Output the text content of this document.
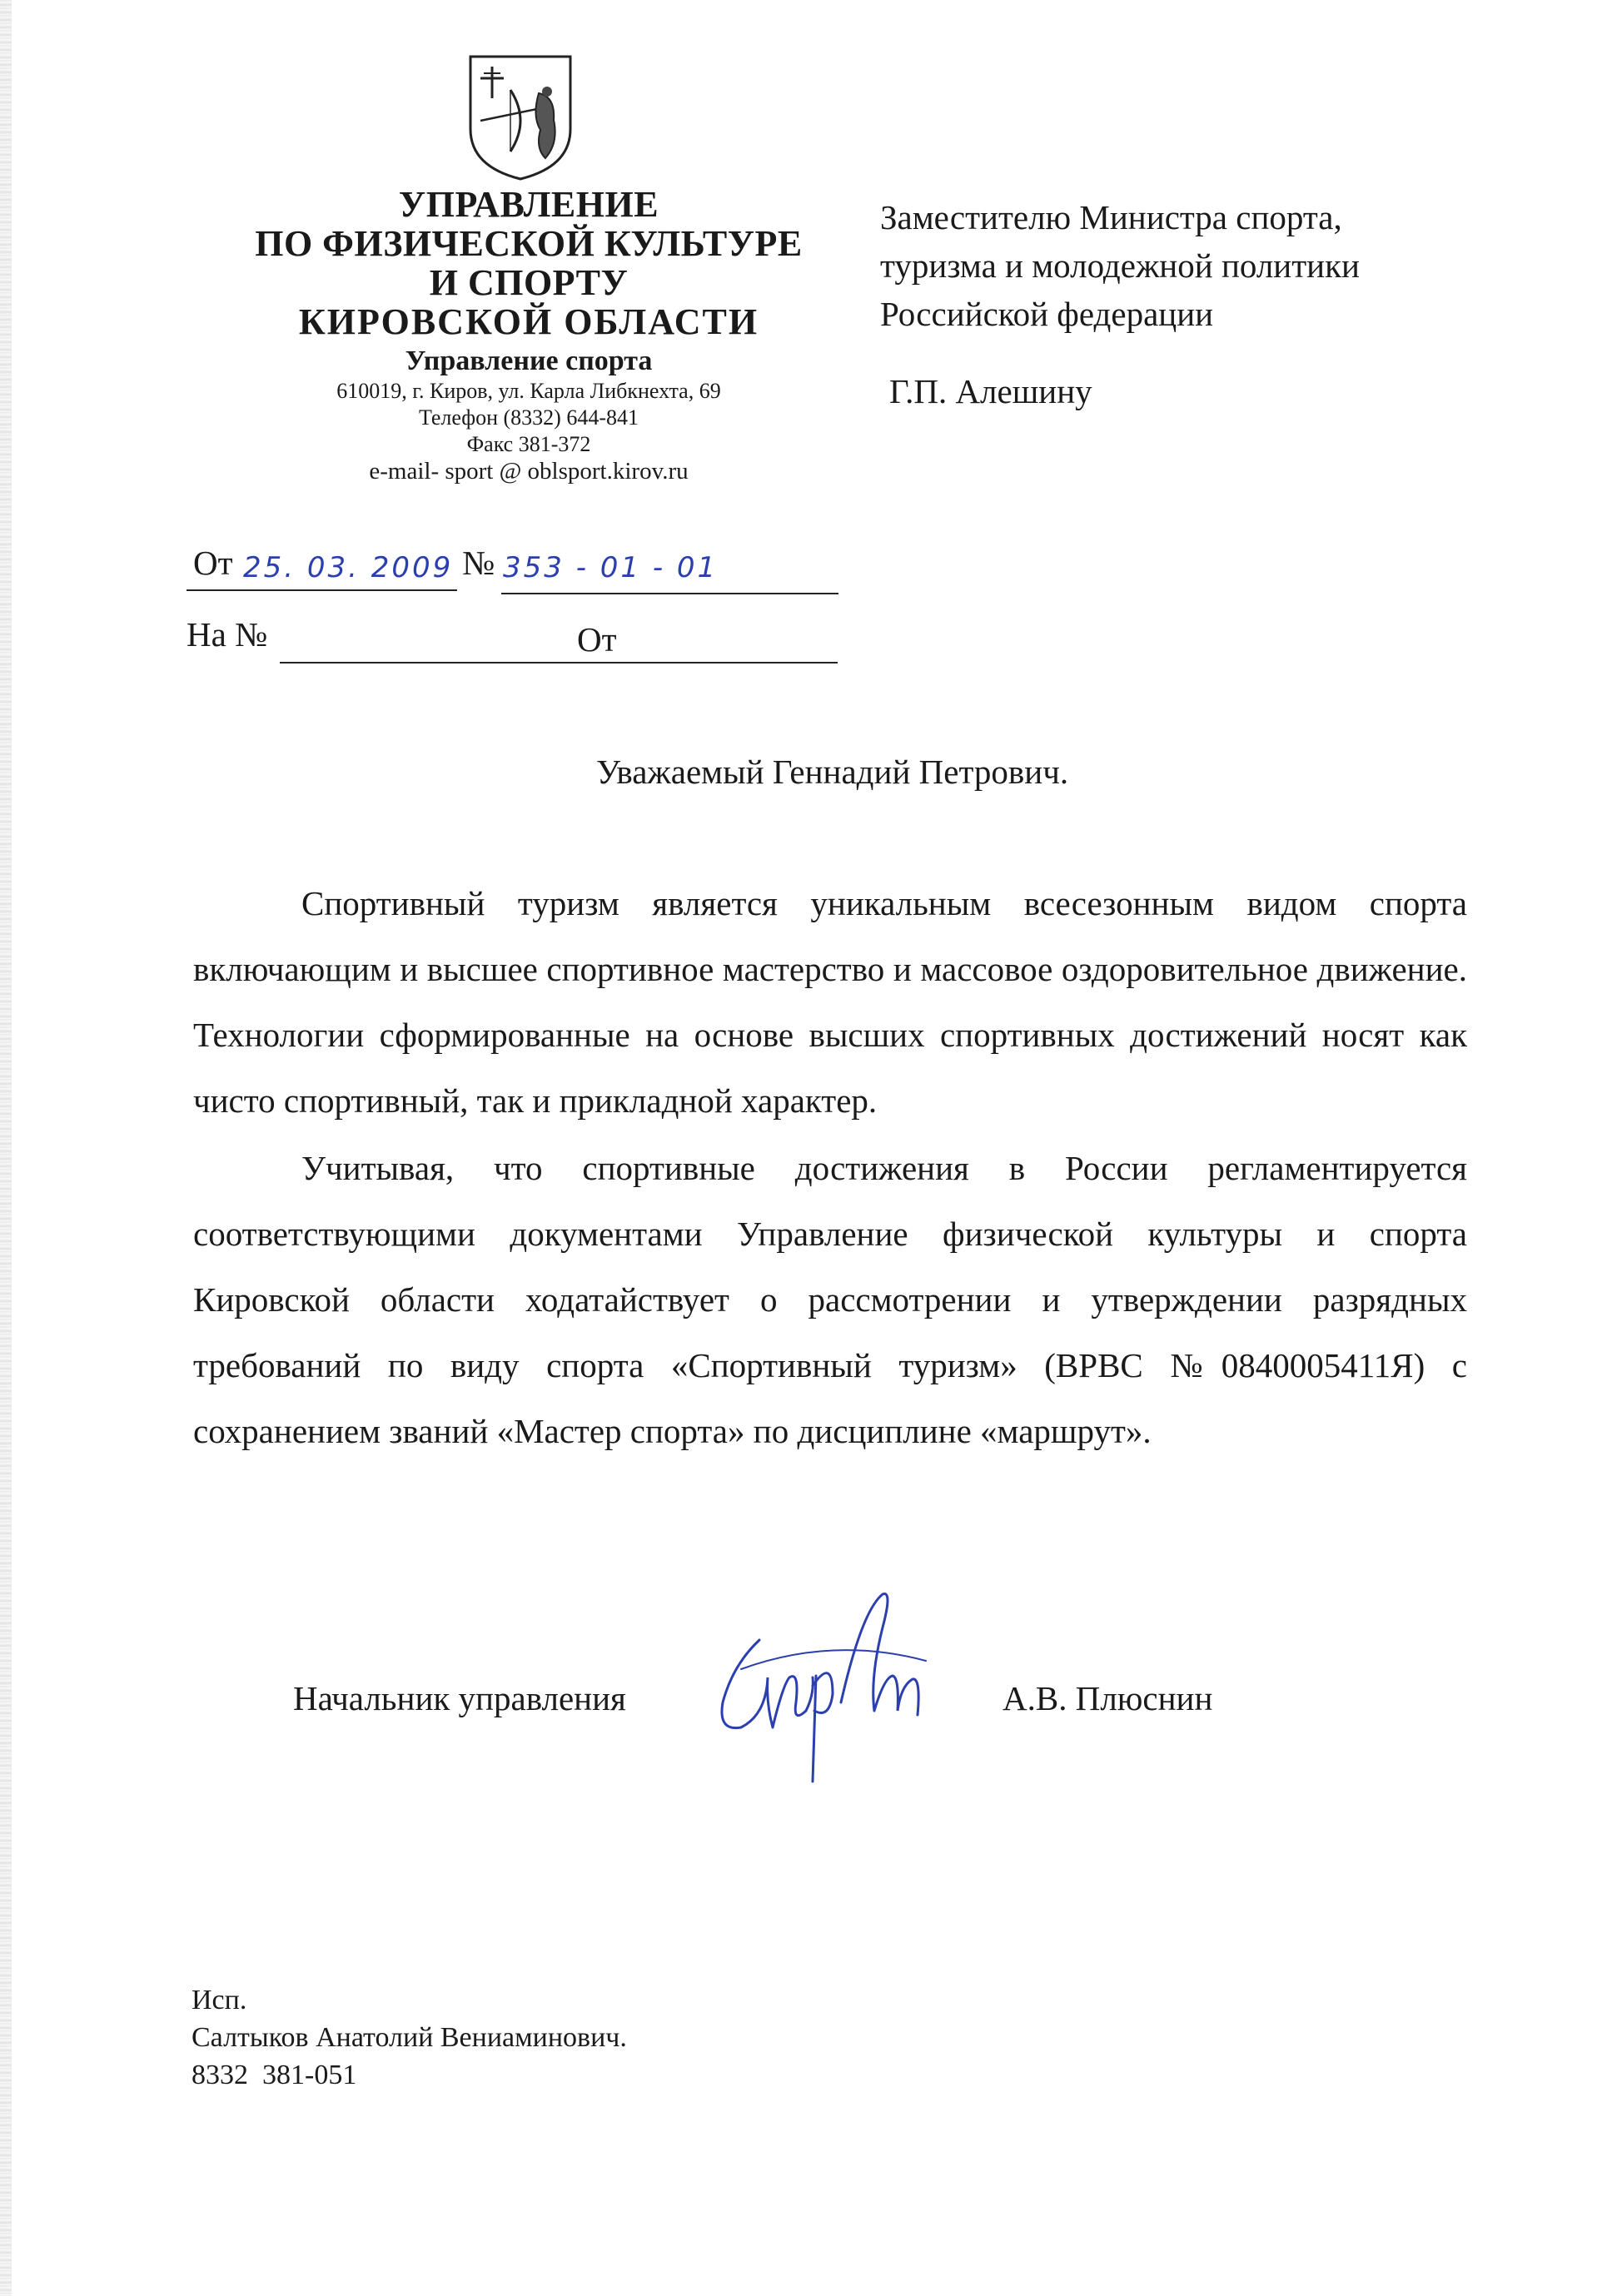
УПРАВЛЕНИЕ
ПО ФИЗИЧЕСКОЙ КУЛЬТУРЕ
И СПОРТУ
КИРОВСКОЙ ОБЛАСТИ
Управление спорта
610019, г. Киров, ул. Карла Либкнехта, 69
Телефон (8332) 644-841
Факс 381-372
e-mail- sport @ oblsport.kirov.ru
Заместителю Министра спорта,
туризма и молодежной политики
Российской федерации
Г.П. Алешину
От 25. 03. 2009 № 353 - 01 - 01
На №	От
Уважаемый Геннадий Петрович.

Спортивный туризм является уникальным всесезонным видом спорта включающим и высшее спортивное мастерство и массовое оздоровительное движение. Технологии сформированные на основе высших спортивных достижений носят как чисто спортивный, так и прикладной характер.

Учитывая, что спортивные достижения в России регламентируется соответствующими документами Управление физической культуры и спорта Кировской области ходатайствует о рассмотрении и утверждении разрядных требований по виду спорта «Спортивный туризм» (ВРВС №0840005411Я) с сохранением званий «Мастер спорта» по дисциплине «маршрут».

Начальник управления	А.В. Плюснин
Исп.
Салтыков Анатолий Вениаминович.
8332  381-051
